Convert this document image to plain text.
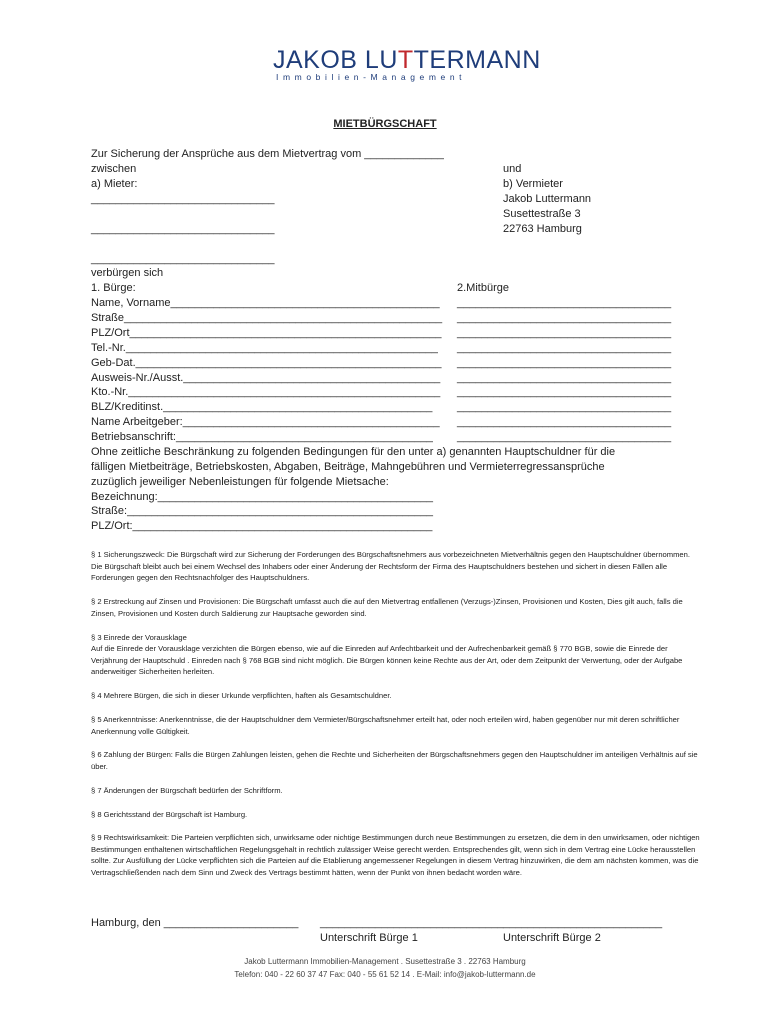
JAKOB LUTTERMANN
Immobilien-Management
MIETBÜRGSCHAFT
Zur Sicherung der Ansprüche aus dem Mietvertrag vom _____________
zwischen	und
a) Mieter:
______________________________
______________________________
______________________________
b) Vermieter
Jakob Luttermann
Susettestraße 3
22763 Hamburg
verbürgen sich
1. Bürge:
Name, Vorname____________________________________________
Straße____________________________________________________
PLZ/Ort___________________________________________________
Tel.-Nr.___________________________________________________
Geb-Dat.__________________________________________________
Ausweis-Nr./Ausst.__________________________________________
Kto.-Nr.___________________________________________________
BLZ/Kreditinst.____________________________________________
Name Arbeitgeber:__________________________________________
Betriebsanschrift:__________________________________________
2.Mitbürge
___________________________________
___________________________________
___________________________________
___________________________________
___________________________________
___________________________________
___________________________________
___________________________________
___________________________________
___________________________________
Ohne zeitliche Beschränkung zu folgenden Bedingungen für den unter a) genannten Hauptschuldner für die
fälligen Mietbeiträge, Betriebskosten, Abgaben, Beiträge, Mahngebühren und Vermieterregressansprüche
zuzüglich jeweiliger Nebenleistungen für folgende Mietsache:
Bezeichnung:_____________________________________________
Straße:__________________________________________________
PLZ/Ort:_________________________________________________
§ 1 Sicherungszweck: Die Bürgschaft wird zur Sicherung der Forderungen des Bürgschaftsnehmers aus vorbezeichneten Mietverhältnis gegen den Hauptschuldner übernommen. Die Bürgschaft bleibt auch bei einem Wechsel des Inhabers oder einer Änderung der Rechtsform der Firma des Hauptschuldners bestehen und sichert in diesen Fällen alle Forderungen gegen den Rechtsnachfolger des Hauptschuldners.
§ 2 Erstreckung auf Zinsen und Provisionen: Die Bürgschaft umfasst auch die auf den Mietvertrag entfallenen (Verzugs-)Zinsen, Provisionen und Kosten, Dies gilt auch, falls die Zinsen, Provisionen und Kosten durch Saldierung zur Hauptsache geworden sind.
§ 3 Einrede der Vorausklage
Auf die Einrede der Vorausklage verzichten die Bürgen ebenso, wie auf die Einreden auf Anfechtbarkeit und der Aufrechenbarkeit gemäß § 770 BGB, sowie die Einrede der Verjährung der Hauptschuld . Einreden nach § 768 BGB sind nicht möglich. Die Bürgen können keine Rechte aus der Art, oder dem Zeitpunkt der Verwertung, oder der Aufgabe anderweitiger Sicherheiten herleiten.
§ 4 Mehrere Bürgen, die sich in dieser Urkunde verpflichten, haften als Gesamtschuldner.
§ 5 Anerkenntnisse: Anerkenntnisse, die der Hauptschuldner dem Vermieter/Bürgschaftsnehmer erteilt hat, oder noch erteilen wird, haben gegenüber nur mit deren schriftlicher Anerkennung volle Gültigkeit.
§ 6 Zahlung der Bürgen: Falls die Bürgen Zahlungen leisten, gehen die Rechte und Sicherheiten der Bürgschaftsnehmers gegen den Hauptschuldner im anteiligen Verhältnis auf sie über.
§ 7 Änderungen der Bürgschaft bedürfen der Schriftform.
§ 8 Gerichtsstand der Bürgschaft ist Hamburg.
§ 9 Rechtswirksamkeit: Die Parteien verpflichten sich, unwirksame oder nichtige Bestimmungen durch neue Bestimmungen zu ersetzen, die dem in den unwirksamen, oder nichtigen Bestimmungen enthaltenen wirtschaftlichen Regelungsgehalt in rechtlich zulässiger Weise gerecht werden. Entsprechendes gilt, wenn sich in dem Vertrag eine Lücke herausstellen sollte. Zur Ausfüllung der Lücke verpflichten sich die Parteien auf die Etablierung angemessener Regelungen in diesem Vertrag hinzuwirken, die dem am nächsten kommen, was die Vertragschließenden nach dem Sinn und Zweck des Vertrags bestimmt hätten, wenn der Punkt von ihnen bedacht worden wäre.
Hamburg, den ______________________ ______________________________ __________________________
Unterschrift Bürge 1	Unterschrift Bürge 2
Jakob Luttermann Immobilien-Management . Susettestraße 3 . 22763 Hamburg
Telefon: 040 - 22 60 37 47 Fax: 040 - 55 61 52 14 . E-Mail: info@jakob-luttermann.de
